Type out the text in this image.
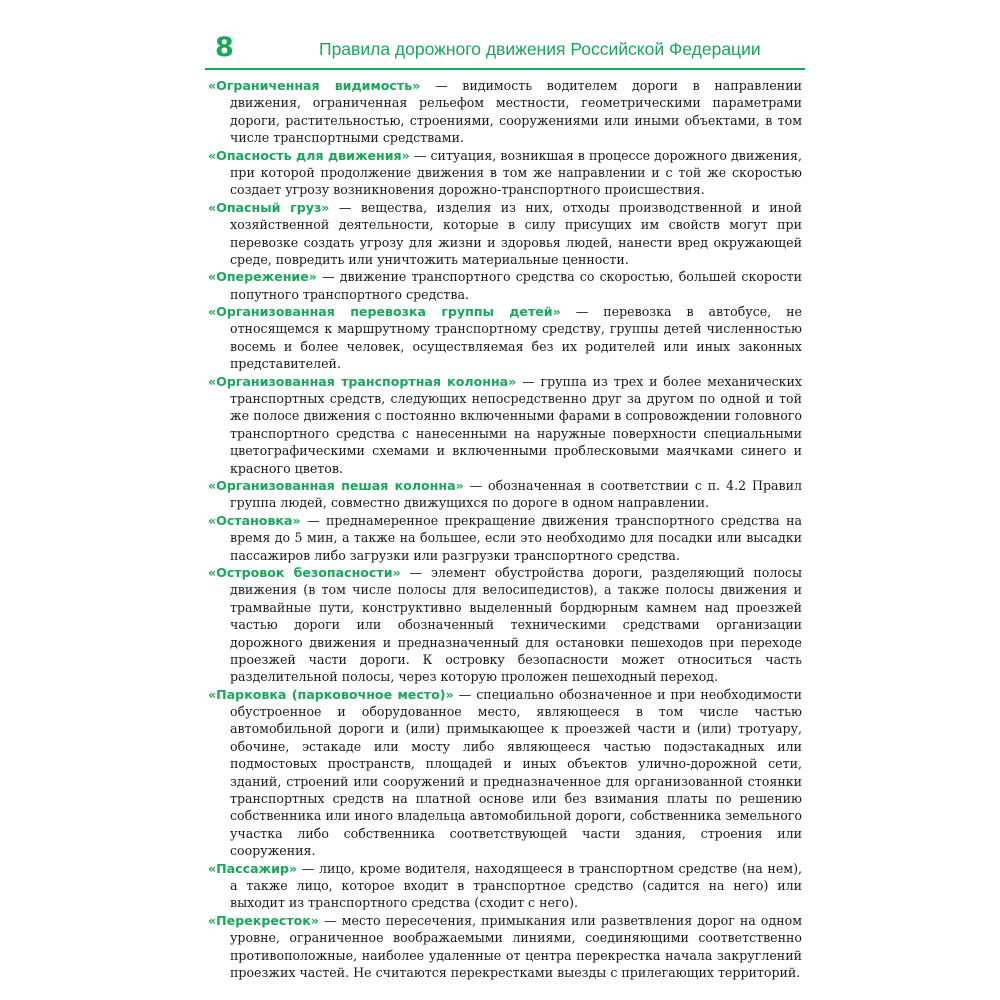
8	Правила дорожного движения Российской Федерации

«Ограниченная видимость» — видимость водителем дороги в направлении движения, ограниченная рельефом местности, геометрическими параметрами дороги, растительностью, строениями, сооружениями или иными объектами, в том числе транспортными средствами.

«Опасность для движения» — ситуация, возникшая в процессе дорожного движения, при которой продолжение движения в том же направлении и с той же скоростью создает угрозу возникновения дорожно-транспортного происшествия.

«Опасный груз» — вещества, изделия из них, отходы производственной и иной хозяйственной деятельности, которые в силу присущих им свойств могут при перевозке создать угрозу для жизни и здоровья людей, нанести вред окружающей среде, повредить или уничтожить материальные ценности.

«Опережение» — движение транспортного средства со скоростью, большей скорости попутного транспортного средства.

«Организованная перевозка группы детей» — перевозка в автобусе, не относящемся к маршрутному транспортному средству, группы детей численностью восемь и более человек, осуществляемая без их родителей или иных законных представителей.

«Организованная транспортная колонна» — группа из трех и более механических транспортных средств, следующих непосредственно друг за другом по одной и той же полосе движения с постоянно включенными фарами в сопровождении головного транспортного средства с нанесенными на наружные поверхности специальными цветографическими схемами и включенными проблесковыми маячками синего и красного цветов.

«Организованная пешая колонна» — обозначенная в соответствии с п. 4.2 Правил группа людей, совместно движущихся по дороге в одном направлении.

«Остановка» — преднамеренное прекращение движения транспортного средства на время до 5 мин, а также на большее, если это необходимо для посадки или высадки пассажиров либо загрузки или разгрузки транспортного средства.

«Островок безопасности» — элемент обустройства дороги, разделяющий полосы движения (в том числе полосы для велосипедистов), а также полосы движения и трамвайные пути, конструктивно выделенный бордюрным камнем над проезжей частью дороги или обозначенный техническими средствами организации дорожного движения и предназначенный для остановки пешеходов при переходе проезжей части дороги. К островку безопасности может относиться часть разделительной полосы, через которую проложен пешеходный переход.

«Парковка (парковочное место)» — специально обозначенное и при необходимости обустроенное и оборудованное место, являющееся в том числе частью автомобильной дороги и (или) примыкающее к проезжей части и (или) тротуару, обочине, эстакаде или мосту либо являющееся частью подэстакадных или подмостовых пространств, площадей и иных объектов улично-дорожной сети, зданий, строений или сооружений и предназначенное для организованной стоянки транспортных средств на платной основе или без взимания платы по решению собственника или иного владельца автомобильной дороги, собственника земельного участка либо собственника соответствующей части здания, строения или сооружения.

«Пассажир» — лицо, кроме водителя, находящееся в транспортном средстве (на нем), а также лицо, которое входит в транспортное средство (садится на него) или выходит из транспортного средства (сходит с него).

«Перекресток» — место пересечения, примыкания или разветвления дорог на одном уровне, ограниченное воображаемыми линиями, соединяющими соответственно противоположные, наиболее удаленные от центра перекрестка начала закруглений проезжих частей. Не считаются перекрестками выезды с прилегающих территорий.
